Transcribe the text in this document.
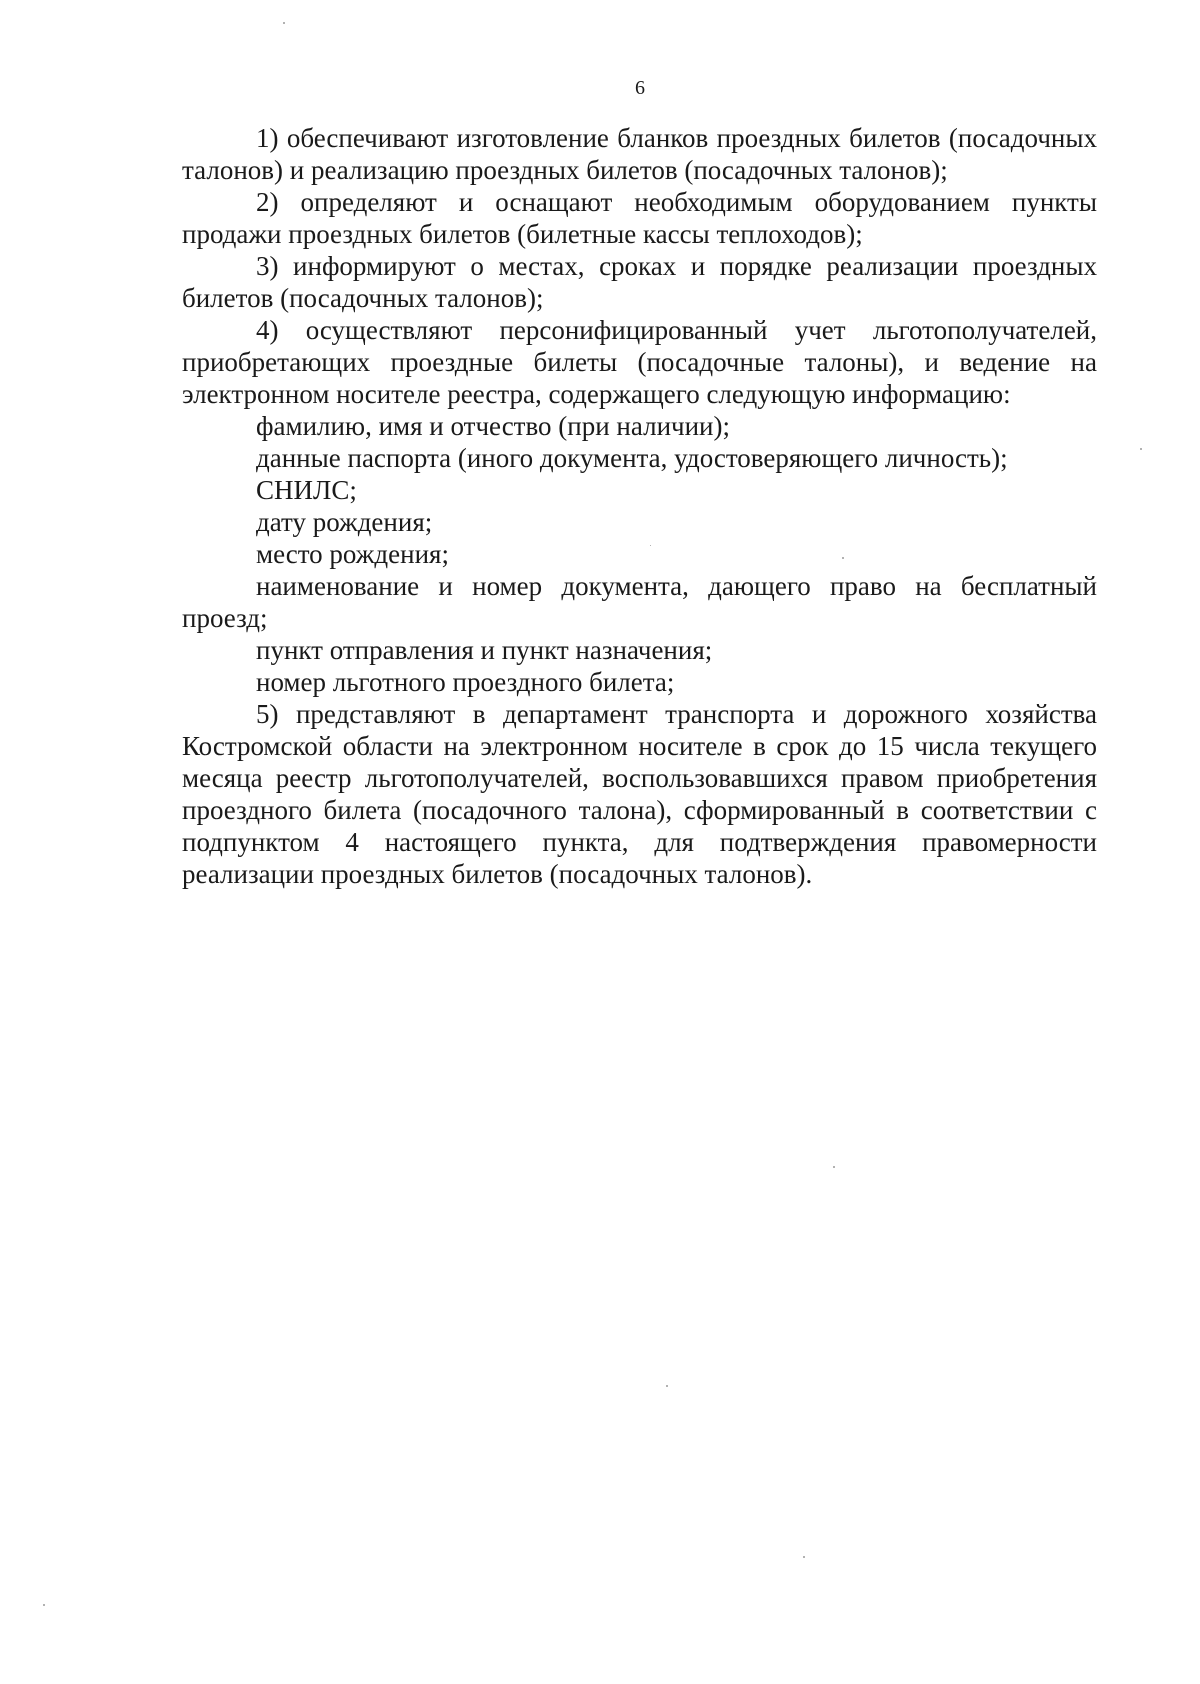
6

1) обеспечивают изготовление бланков проездных билетов (посадочных талонов) и реализацию проездных билетов (посадочных талонов);

2) определяют и оснащают необходимым оборудованием пункты продажи проездных билетов (билетные кассы теплоходов);

3) информируют о местах, сроках и порядке реализации проездных билетов (посадочных талонов);

4) осуществляют персонифицированный учет льготополучателей, приобретающих проездные билеты (посадочные талоны), и ведение на электронном носителе реестра, содержащего следующую информацию:

фамилию, имя и отчество (при наличии);

данные паспорта (иного документа, удостоверяющего личность);

СНИЛС;

дату рождения;

место рождения;

наименование и номер документа, дающего право на бесплатный проезд;

пункт отправления и пункт назначения;

номер льготного проездного билета;

5) представляют в департамент транспорта и дорожного хозяйства Костромской области на электронном носителе в срок до 15 числа текущего месяца реестр льготополучателей, воспользовавшихся правом приобретения проездного билета (посадочного талона), сформированный в соответствии с подпунктом 4 настоящего пункта, для подтверждения правомерности реализации проездных билетов (посадочных талонов).
